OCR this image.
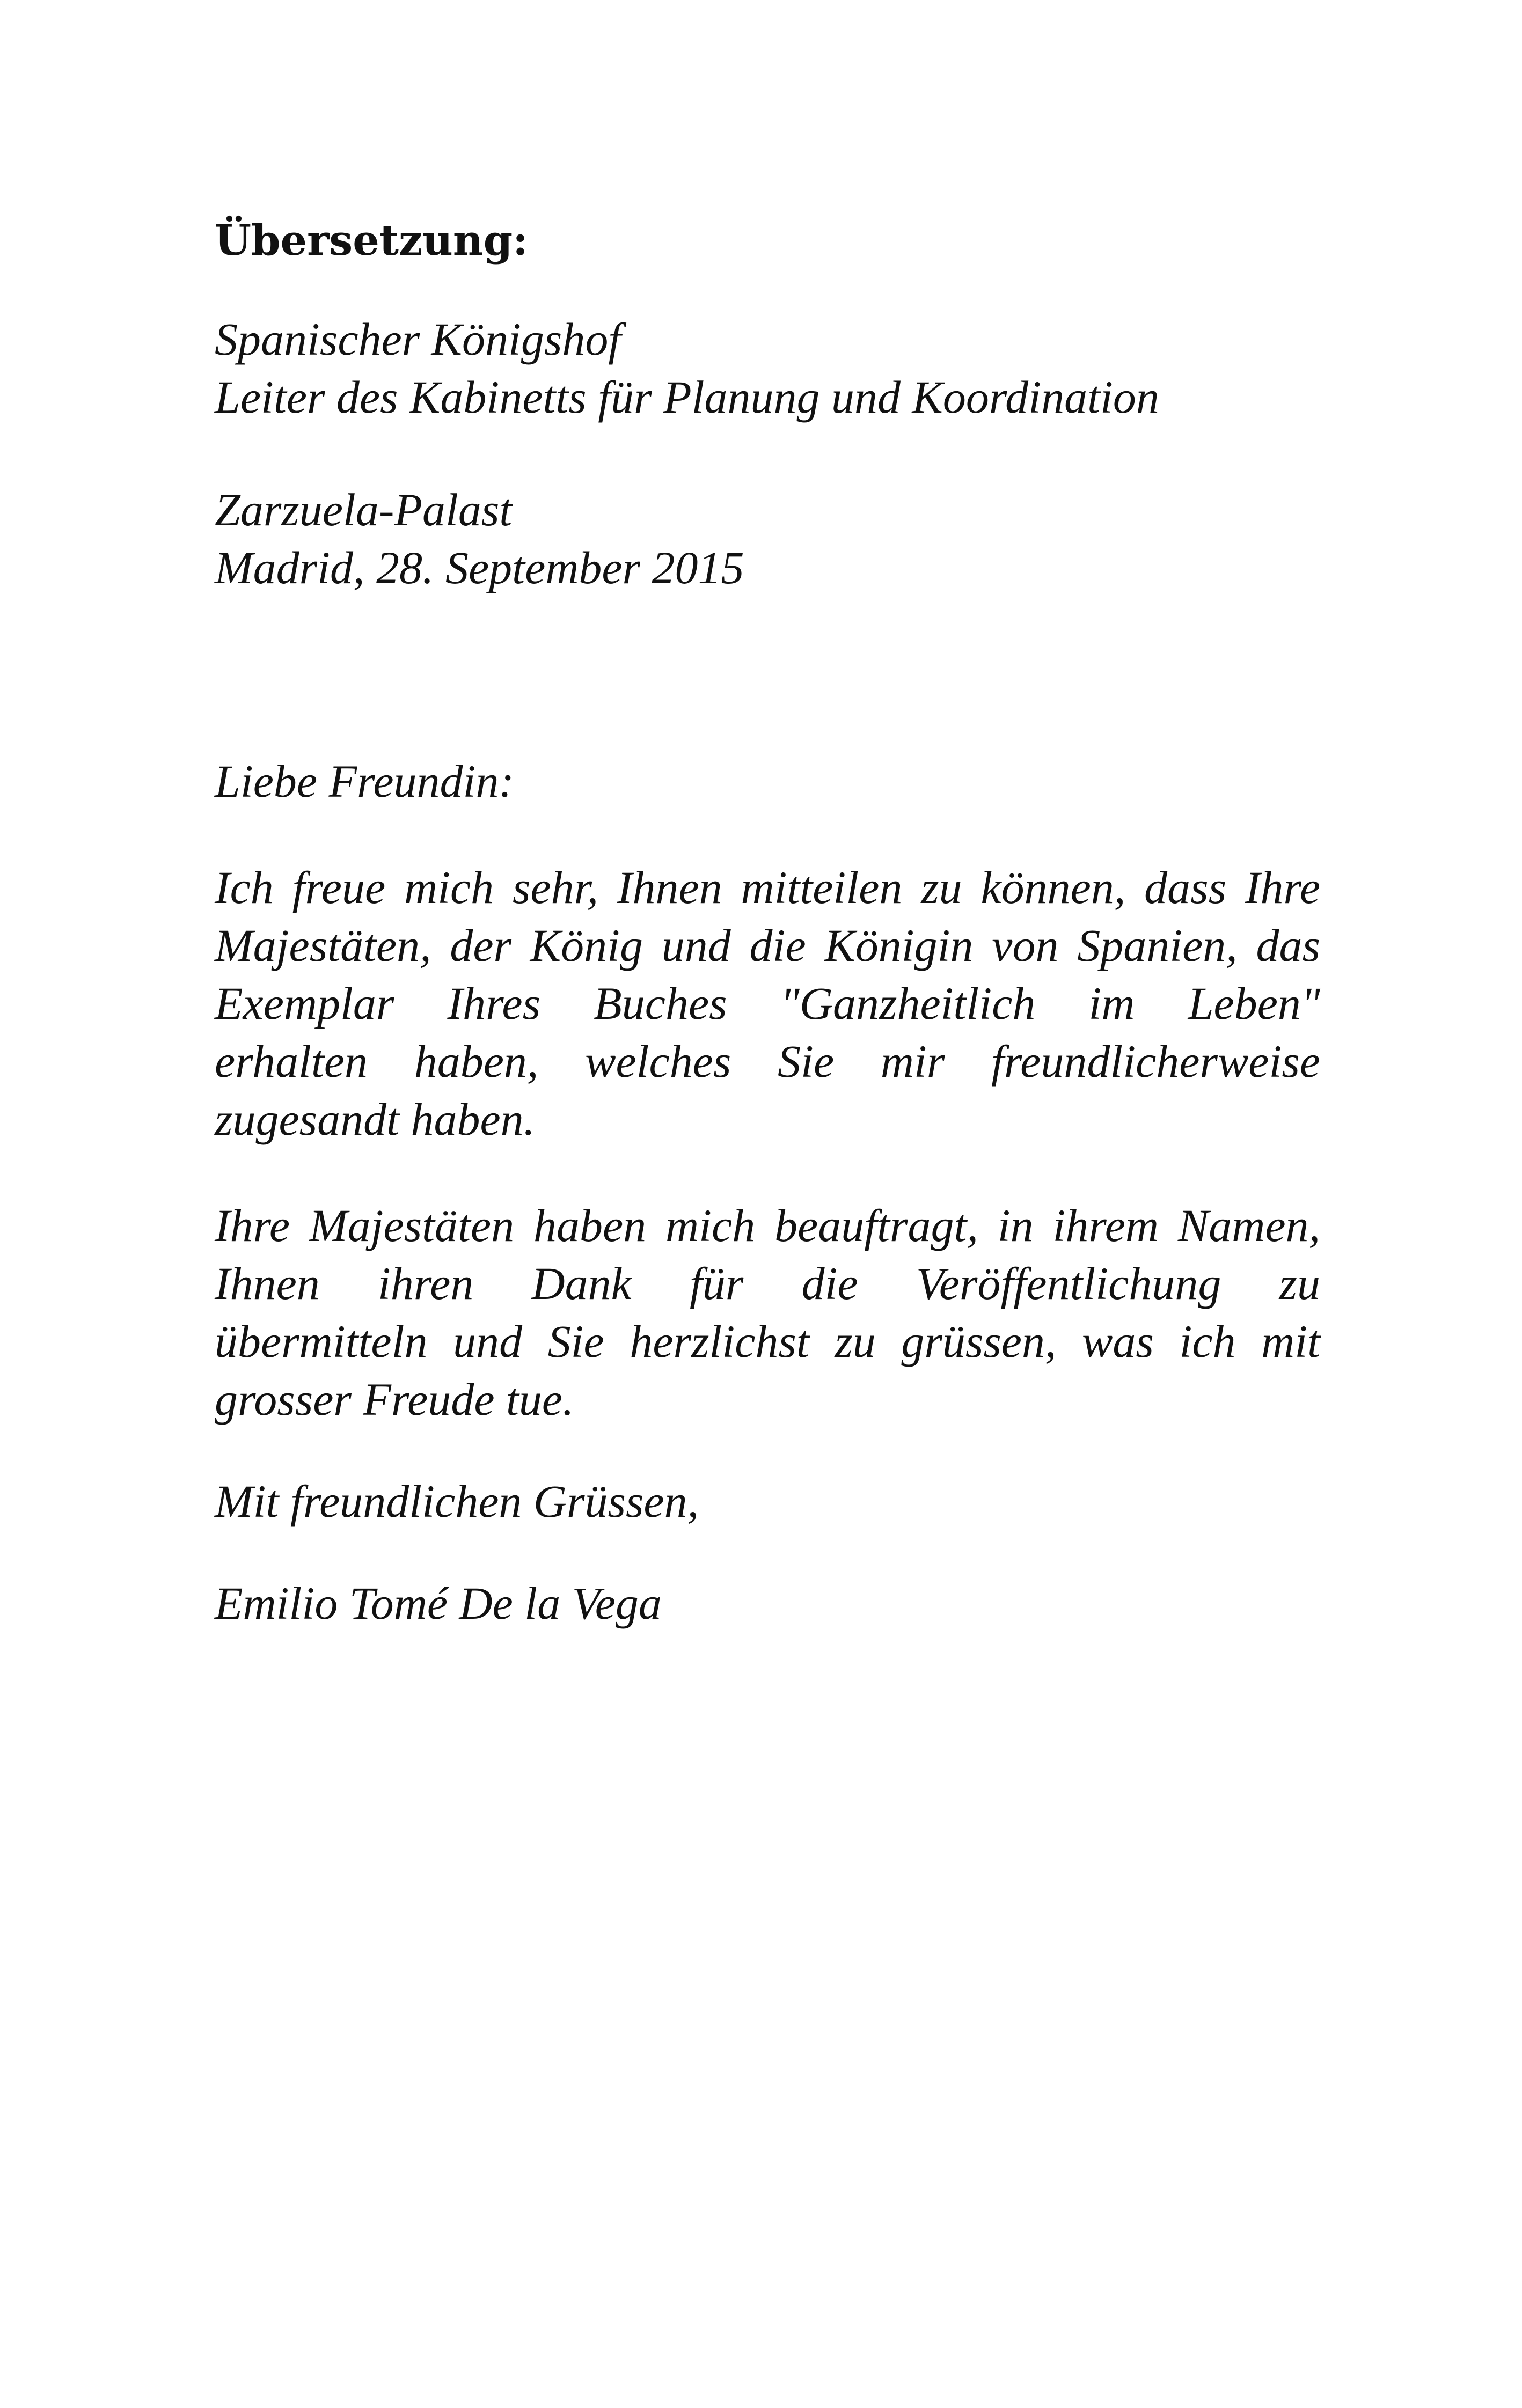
Übersetzung:

Spanischer Königshof
Leiter des Kabinetts für Planung und Koordination
Zarzuela-Palast
Madrid, 28. September 2015
Liebe Freundin:
Ich freue mich sehr, Ihnen mitteilen zu können, dass Ihre
Majestäten, der König und die Königin von Spanien, das
Exemplar Ihres Buches "Ganzheitlich im Leben"
erhalten haben, welches Sie mir freundlicherweise
zugesandt haben.
Ihre Majestäten haben mich beauftragt, in ihrem Namen,
Ihnen ihren Dank für die Veröffentlichung zu
übermitteln und Sie herzlichst zu grüssen, was ich mit
grosser Freude tue.
Mit freundlichen Grüssen,
Emilio Tomé De la Vega
